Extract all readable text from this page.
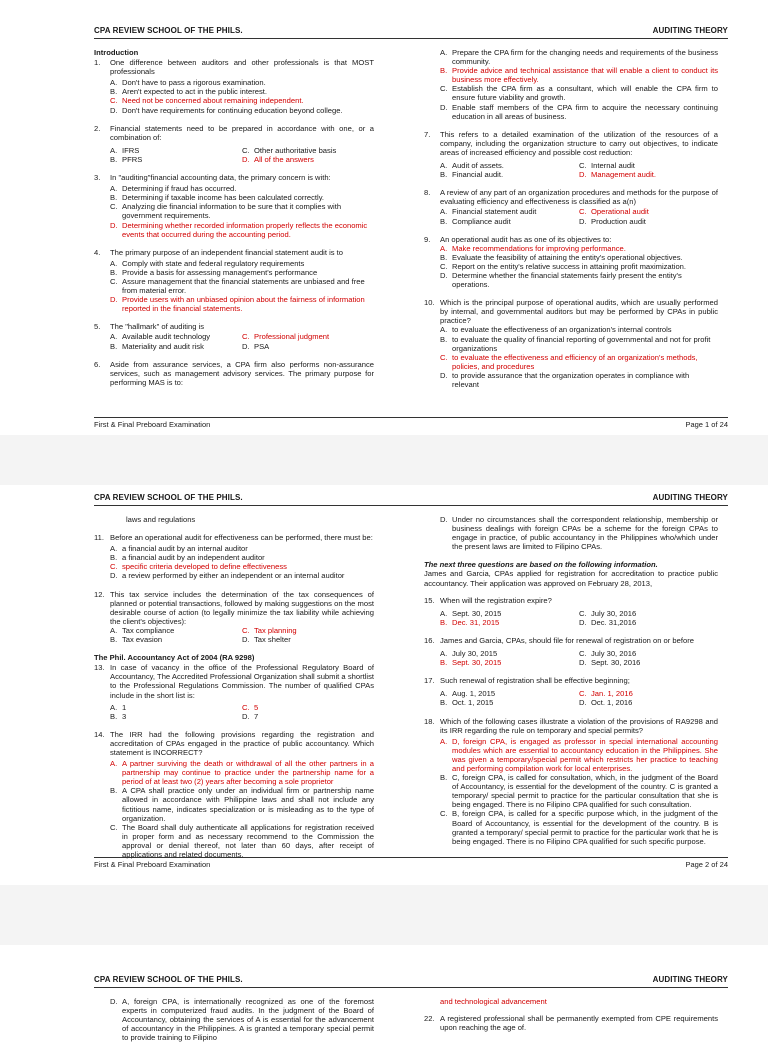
CPA REVIEW SCHOOL OF THE PHILS.	AUDITING THEORY
Introduction
1.	One difference between auditors and other professionals is that MOST professionals
A. Don't have to pass a rigorous examination.
B. Aren't expected to act in the public interest.
C. Need not be concerned about remaining independent.
D. Don't have requirements for continuing education beyond college.
2.	Financial statements need to be prepared in accordance with one, or a combination of:
A. IFRS	C. Other authoritative basis
B. PFRS	D. All of the answers
3.	In "auditing"financial accounting data, the primary concern is with:
A. Determining if fraud has occurred.
B. Determining if taxable income has been calculated correctly.
C. Analyzing die financial information to be sure that it complies with government requirements.
D. Determining whether recorded information properly reflects the economic events that occurred during the accounting period.
4.	The primary purpose of an independent financial statement audit is to
A. Comply with state and federal regulatory requirements
B. Provide a basis for assessing management's performance
C. Assure management that the financial statements are unbiased and free from material error.
D. Provide users with an unbiased opinion about the fairness of information reported in the financial statements.
5.	The "hallmark" of auditing is
A. Available audit technology	C. Professional judgment
B. Materiality and audit risk	D. PSA
6.	Aside from assurance services, a CPA firm also performs non-assurance services, such as management advisory services. The primary purpose for performing MAS is to:
A. Prepare the CPA firm for the changing needs and requirements of the business community.
B. Provide advice and technical assistance that will enable a client to conduct its business more effectively.
C. Establish the CPA firm as a consultant, which will enable the CPA firm to ensure future viability and growth.
D. Enable staff members of the CPA firm to acquire the necessary continuing education in all areas of business.
7.	This refers to a detailed examination of the utilization of the resources of a company, including the organization structure to carry out objectives, to indicate areas of increased efficiency and possible cost reduction:
A. Audit of assets.	C. Internal audit
B. Financial audit.	D. Management audit.
8.	A review of any part of an organization procedures and methods for the purpose of evaluating efficiency and effectiveness is classified as a(n)
A. Financial statement audit	C. Operational audit
B. Compliance audit	D. Production audit
9.	An operational audit has as one of its objectives to:
A. Make recommendations for improving performance.
B. Evaluate the feasibility of attaining the entity's operational objectives.
C. Report on the entity's relative success in attaining profit maximization.
D. Determine whether the financial statements fairly present the entity's operations.
10. Which is the principal purpose of operational audits, which are usually performed by internal, and governmental auditors but may be performed by CPAs in public practice?
A. to evaluate the effectiveness of an organization's internal controls
B. to evaluate the quality of financial reporting of governmental and not for profit organizations
C. to evaluate the effectiveness and efficiency of an organization's methods, policies, and procedures
D. to provide assurance that the organization operates in compliance with relevant
First & Final Preboard Examination	Page 1 of 24
CPA REVIEW SCHOOL OF THE PHILS.	AUDITING THEORY
laws and regulations
11. Before an operational audit for effectiveness can be performed, there must be:
A. a financial audit by an internal auditor
B. a financial audit by an independent auditor
C. specific criteria developed to define effectiveness
D. a review performed by either an independent or an internal auditor
12. This tax service includes the determination of the tax consequences of planned or potential transactions, followed by making suggestions on the most desirable course of action (to legally minimize the tax liability while achieving the client's objectives):
A. Tax compliance	C. Tax planning
B. Tax evasion	D. Tax shelter
The Phil. Accountancy Act of 2004 (RA 9298)
13. In case of vacancy in the office of the Professional Regulatory Board of Accountancy, The Accredited Professional Organization shall submit a shortlist to the Professional Regulations Commission. The number of qualified CPAs include in the short list is:
A. 1	C. 5
B. 3	D. 7
14. The IRR had the following provisions regarding the registration and accreditation of CPAs engaged in the practice of public accountancy. Which statement is INCORRECT?
A. A partner surviving the death or withdrawal of all the other partners in a partnership may continue to practice under the partnership name for a period of at least two (2) years after becoming a sole proprietor
B. A CPA shall practice only under an individual firm or partnership name allowed in accordance with Philippine laws and shall not include any fictitious name, indicates specialization or is misleading as to the type of organization.
C. The Board shall duly authenticate all applications for registration received in proper form and as necessary recommend to the Commission the approval or denial thereof, not later than 60 days, after receipt of applications and related documents.
D. Under no circumstances shall the correspondent relationship, membership or business dealings with foreign CPAs be a scheme for the foreign CPAs to engage in practice, of public accountancy in the Philippines who/which under the present laws are limited to Filipino CPAs.
The next three questions are based on the following information.
James and Garcia, CPAs applied for registration for accreditation to practice public accountancy. Their application was approved on February 28, 2013,
15. When will the registration expire?
A. Sept. 30, 2015	C. July 30, 2016
B. Dec. 31, 2015	D. Dec. 31,2016
16. James and Garcia, CPAs, should file for renewal of registration on or before
A. July 30, 2015	C. July 30, 2016
B. Sept. 30, 2015	D. Sept. 30, 2016
17. Such renewal of registration shall be effective beginning;
A. Aug. 1, 2015	C. Jan. 1, 2016
B. Oct. 1, 2015	D. Oct. 1, 2016
18. Which of the following cases illustrate a violation of the provisions of RA9298 and its IRR regarding the rule on temporary and special permits?
A. D, foreign CPA, is engaged as professor in special international accounting modules which are essential to accountancy education in the Philippines. She was given a temporary/special permit which restricts her practice to teaching and performing compilation work for local enterprises.
B. C, foreign CPA, is called for consultation, which, in the judgment of the Board of Accountancy, is essential for the development of the country. C is granted a temporary/ special permit to practice for the particular consultation that she is being engaged. There is no Filipino CPA qualified for such consultation.
C. B, foreign CPA, is called for a specific purpose which, in the judgment of the Board of Accountancy, is essential for the development of the country. B is granted a temporary/ special permit to practice for the particular work that he is being engaged. There is no Filipino CPA qualified for such specific purpose.
First & Final Preboard Examination	Page 2 of 24
CPA REVIEW SCHOOL OF THE PHILS.	AUDITING THEORY
D. A, foreign CPA, is internationally recognized as one of the foremost experts in computerized fraud audits. In the judgment of the Board of Accountancy, obtaining the services of A is essential for the advancement of accountancy in the Philippines. A is granted a temporary special permit to provide training to Filipino
and technological advancement
22. A registered professional shall be permanently exempted from CPE requirements upon reaching the age of.
